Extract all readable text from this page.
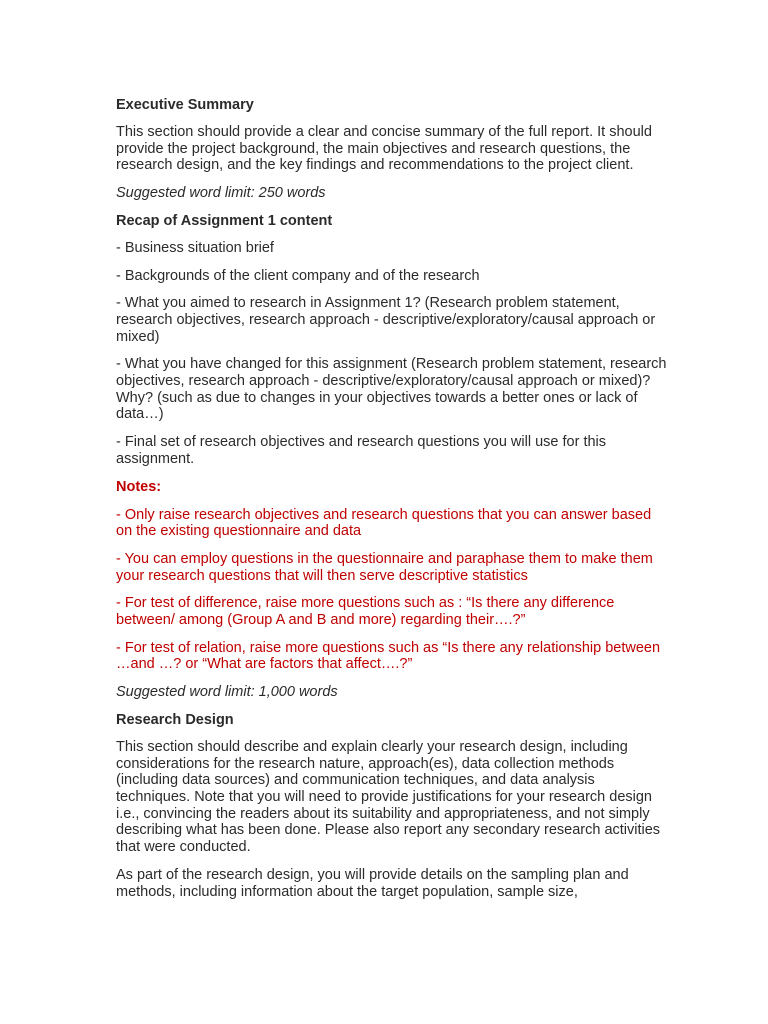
Executive Summary
This section should provide a clear and concise summary of the full report. It should provide the project background, the main objectives and research questions, the research design, and the key findings and recommendations to the project client.
Suggested word limit: 250 words
Recap of Assignment 1 content
- Business situation brief
- Backgrounds of the client company and of the research
- What you aimed to research in Assignment 1? (Research problem statement, research objectives, research approach - descriptive/exploratory/causal approach or mixed)
- What you have changed for this assignment (Research problem statement, research objectives, research approach - descriptive/exploratory/causal approach or mixed)? Why? (such as due to changes in your objectives towards a better ones or lack of data…)
- Final set of research objectives and research questions you will use for this assignment.
Notes:
- Only raise research objectives and research questions that you can answer based on the existing questionnaire and data
- You can employ questions in the questionnaire and paraphase them to make them your research questions that will then serve descriptive statistics
- For test of difference, raise more questions such as : “Is there any difference between/ among (Group A and B and more) regarding their….?”
- For test of relation, raise more questions such as “Is there any relationship between …and …? or “What are factors that affect….?”
Suggested word limit: 1,000 words
Research Design
This section should describe and explain clearly your research design, including considerations for the research nature, approach(es), data collection methods (including data sources) and communication techniques, and data analysis techniques. Note that you will need to provide justifications for your research design i.e., convincing the readers about its suitability and appropriateness, and not simply describing what has been done. Please also report any secondary research activities that were conducted.
As part of the research design, you will provide details on the sampling plan and methods, including information about the target population, sample size,
